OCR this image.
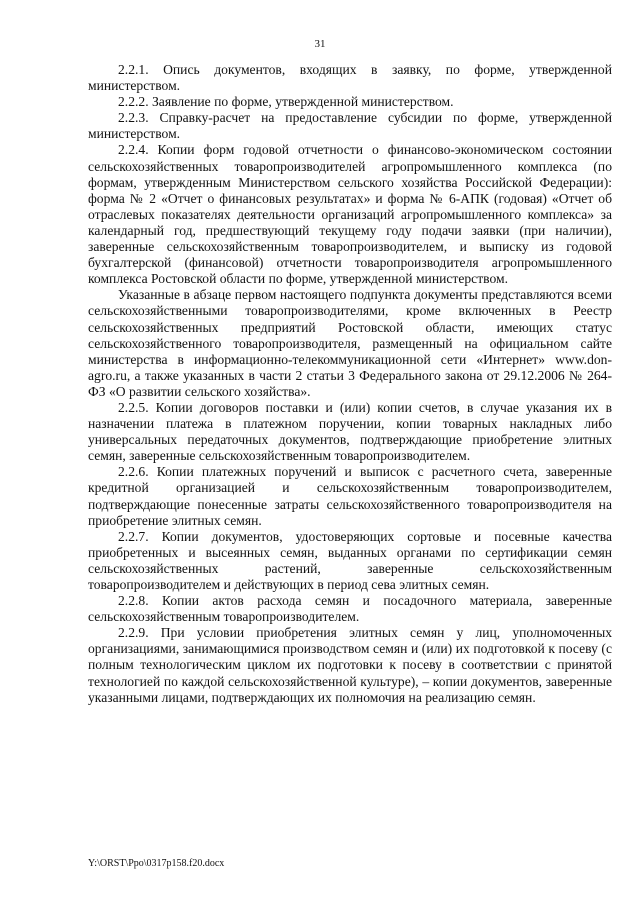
31

2.2.1. Опись документов, входящих в заявку, по форме, утвержденной министерством.

2.2.2. Заявление по форме, утвержденной министерством.

2.2.3. Справку-расчет на предоставление субсидии по форме, утвержденной министерством.

2.2.4. Копии форм годовой отчетности о финансово-экономическом состоянии сельскохозяйственных товаропроизводителей агропромышленного комплекса (по формам, утвержденным Министерством сельского хозяйства Российской Федерации): форма № 2 «Отчет о финансовых результатах» и форма № 6-АПК (годовая) «Отчет об отраслевых показателях деятельности организаций агропромышленного комплекса» за календарный год, предшествующий текущему году подачи заявки (при наличии), заверенные сельскохозяйственным товаропроизводителем, и выписку из годовой бухгалтерской (финансовой) отчетности товаропроизводителя агропромышленного комплекса Ростовской области по форме, утвержденной министерством.

Указанные в абзаце первом настоящего подпункта документы представляются всеми сельскохозяйственными товаропроизводителями, кроме включенных в Реестр сельскохозяйственных предприятий Ростовской области, имеющих статус сельскохозяйственного товаропроизводителя, размещенный на официальном сайте министерства в информационно-телекоммуникационной сети «Интернет» www.don-agro.ru, а также указанных в части 2 статьи 3 Федерального закона от 29.12.2006 № 264-ФЗ «О развитии сельского хозяйства».

2.2.5. Копии договоров поставки и (или) копии счетов, в случае указания их в назначении платежа в платежном поручении, копии товарных накладных либо универсальных передаточных документов, подтверждающие приобретение элитных семян, заверенные сельскохозяйственным товаропроизводителем.

2.2.6. Копии платежных поручений и выписок с расчетного счета, заверенные кредитной организацией и сельскохозяйственным товаропроизводителем, подтверждающие понесенные затраты сельскохозяйственного товаропроизводителя на приобретение элитных семян.

2.2.7. Копии документов, удостоверяющих сортовые и посевные качества приобретенных и высеянных семян, выданных органами по сертификации семян сельскохозяйственных растений, заверенные сельскохозяйственным товаропроизводителем и действующих в период сева элитных семян.

2.2.8. Копии актов расхода семян и посадочного материала, заверенные сельскохозяйственным товаропроизводителем.

2.2.9. При условии приобретения элитных семян у лиц, уполномоченных организациями, занимающимися производством семян и (или) их подготовкой к посеву (с полным технологическим циклом их подготовки к посеву в соответствии с принятой технологией по каждой сельскохозяйственной культуре), – копии документов, заверенные указанными лицами, подтверждающих их полномочия на реализацию семян.

Y:\ORST\Ppo\0317p158.f20.docx
